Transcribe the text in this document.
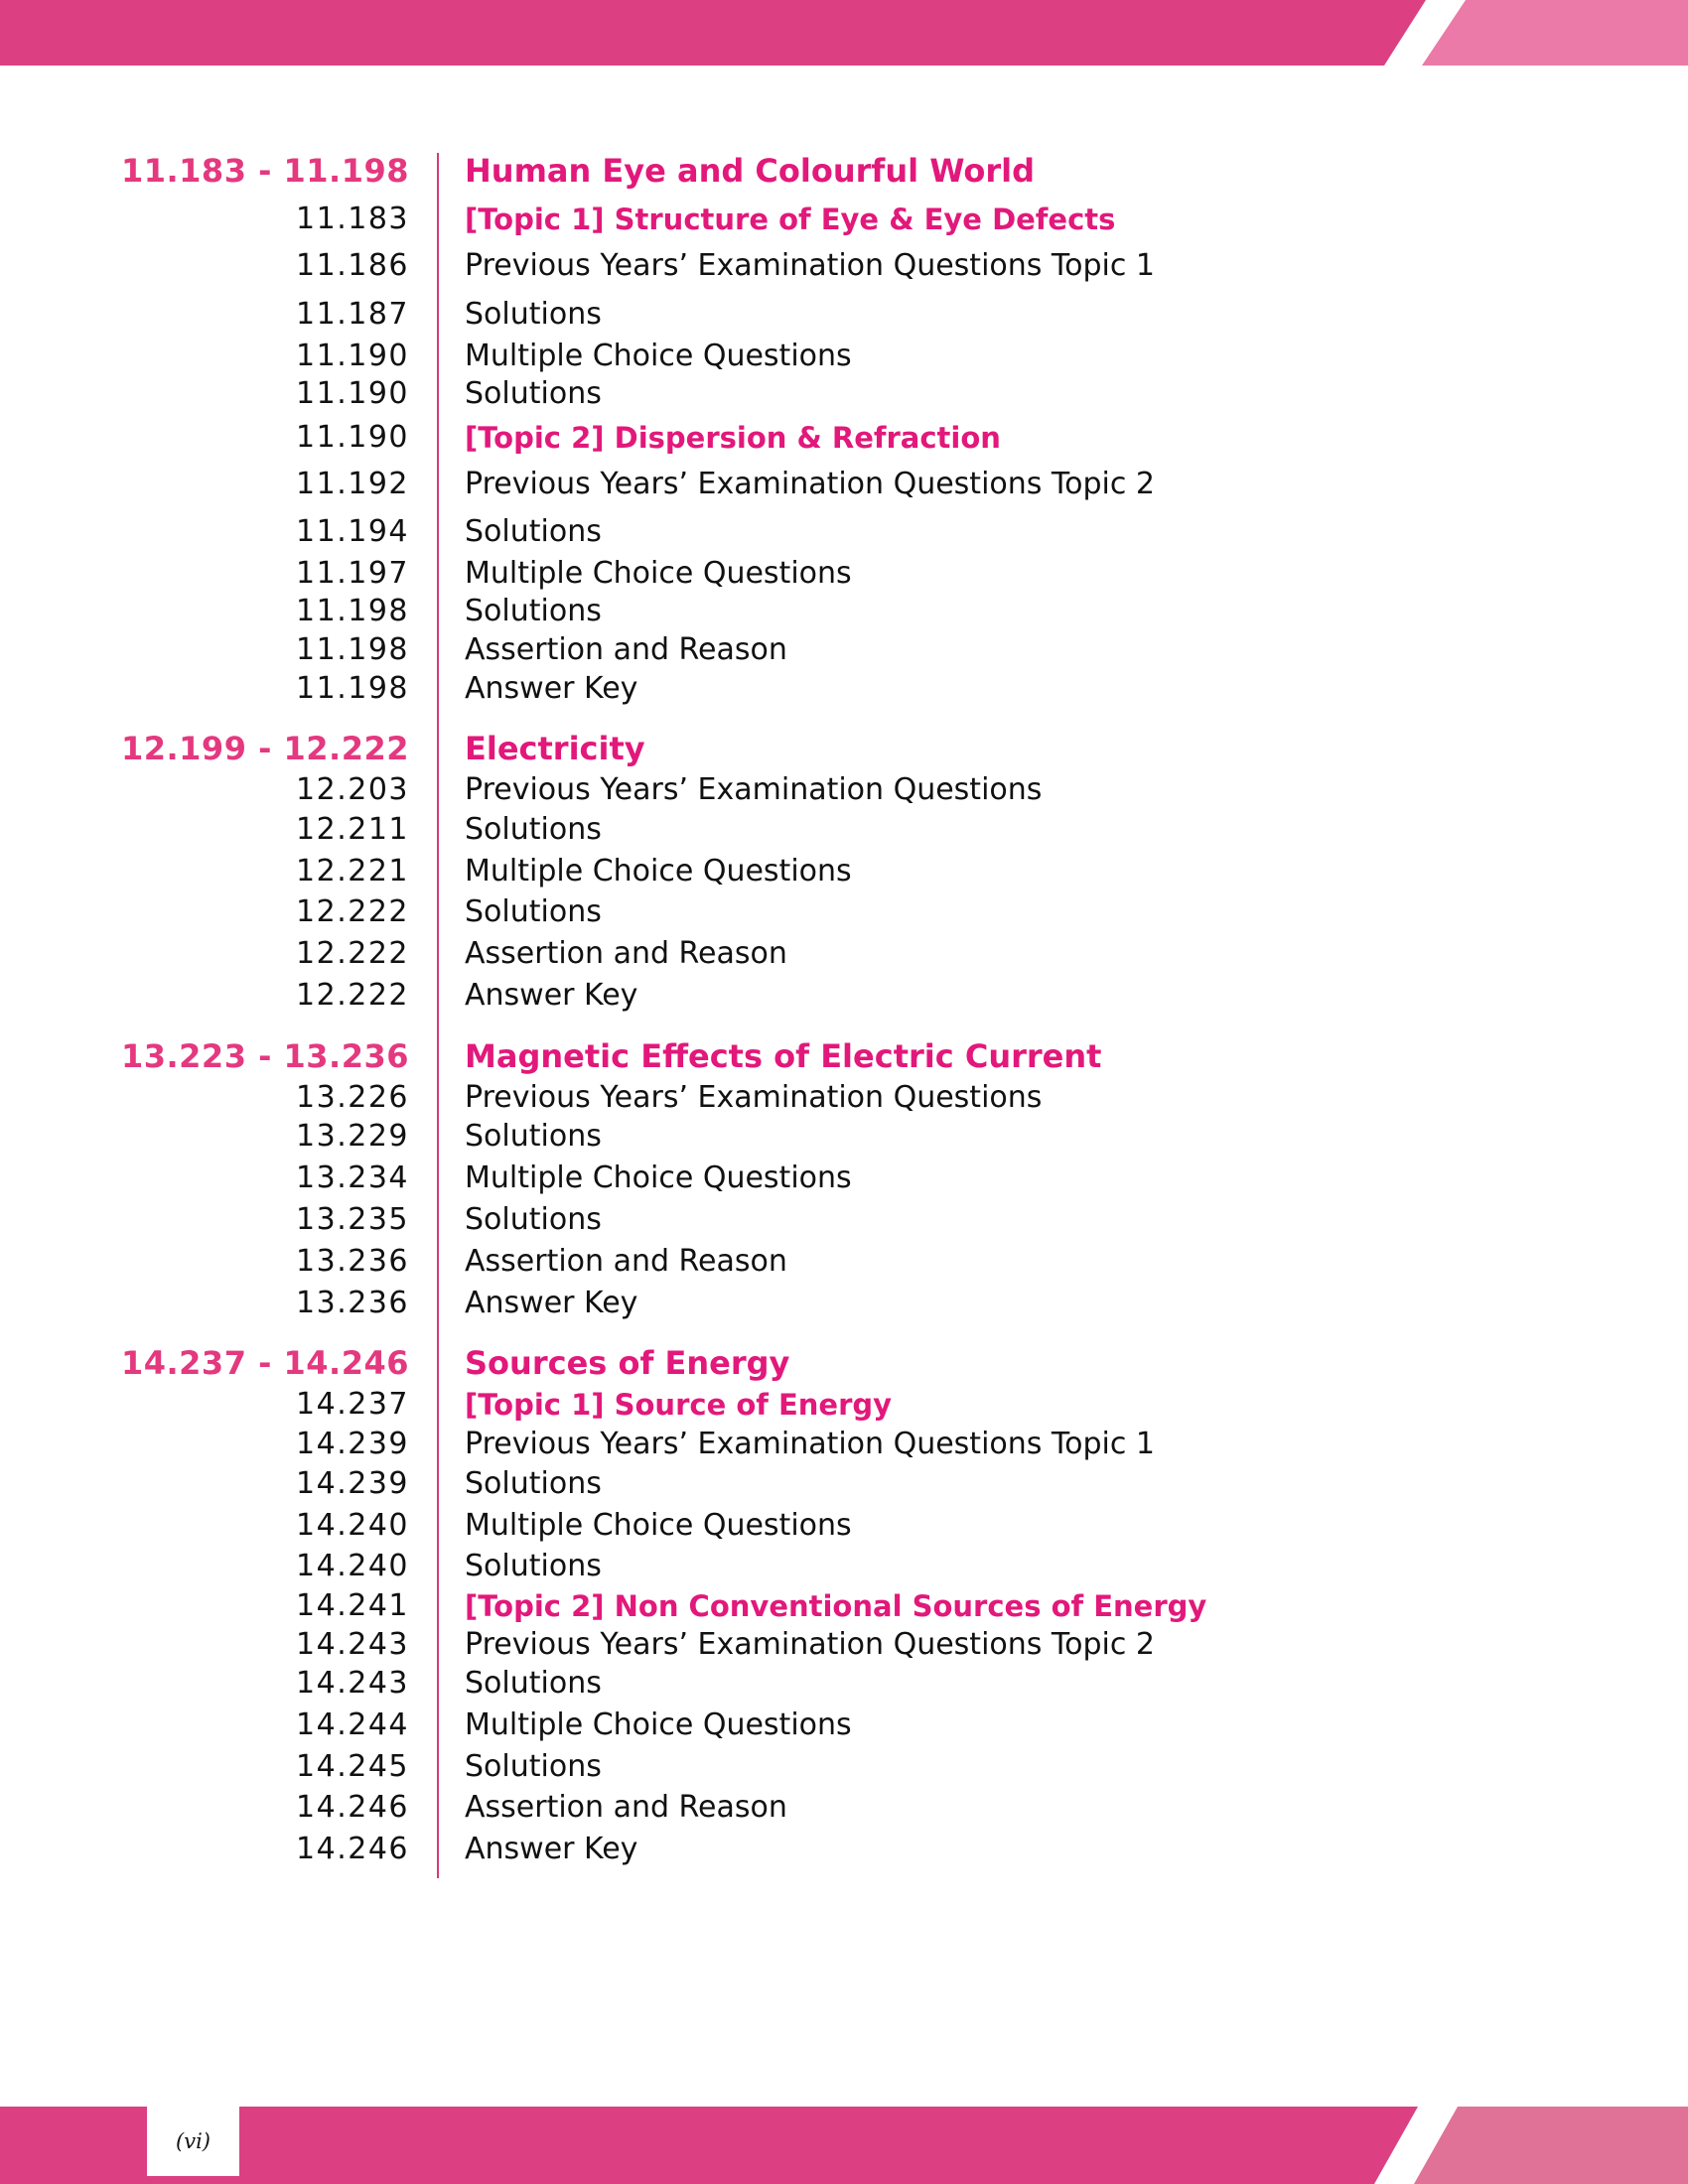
11.183 - 11.198 Human Eye and Colourful World
11.183 [Topic 1] Structure of Eye & Eye Defects
11.186 Previous Years’ Examination Questions Topic 1
11.187 Solutions
11.190 Multiple Choice Questions
11.190 Solutions
11.190 [Topic 2] Dispersion & Refraction
11.192 Previous Years’ Examination Questions Topic 2
11.194 Solutions
11.197 Multiple Choice Questions
11.198 Solutions
11.198 Assertion and Reason
11.198 Answer Key
12.199 - 12.222 Electricity
12.203 Previous Years’ Examination Questions
12.211 Solutions
12.221 Multiple Choice Questions
12.222 Solutions
12.222 Assertion and Reason
12.222 Answer Key
13.223 - 13.236 Magnetic Effects of Electric Current
13.226 Previous Years’ Examination Questions
13.229 Solutions
13.234 Multiple Choice Questions
13.235 Solutions
13.236 Assertion and Reason
13.236 Answer Key
14.237 - 14.246 Sources of Energy
14.237 [Topic 1] Source of Energy
14.239 Previous Years’ Examination Questions Topic 1
14.239 Solutions
14.240 Multiple Choice Questions
14.240 Solutions
14.241 [Topic 2] Non Conventional Sources of Energy
14.243 Previous Years’ Examination Questions Topic 2
14.243 Solutions
14.244 Multiple Choice Questions
14.245 Solutions
14.246 Assertion and Reason
14.246 Answer Key
(vi)
